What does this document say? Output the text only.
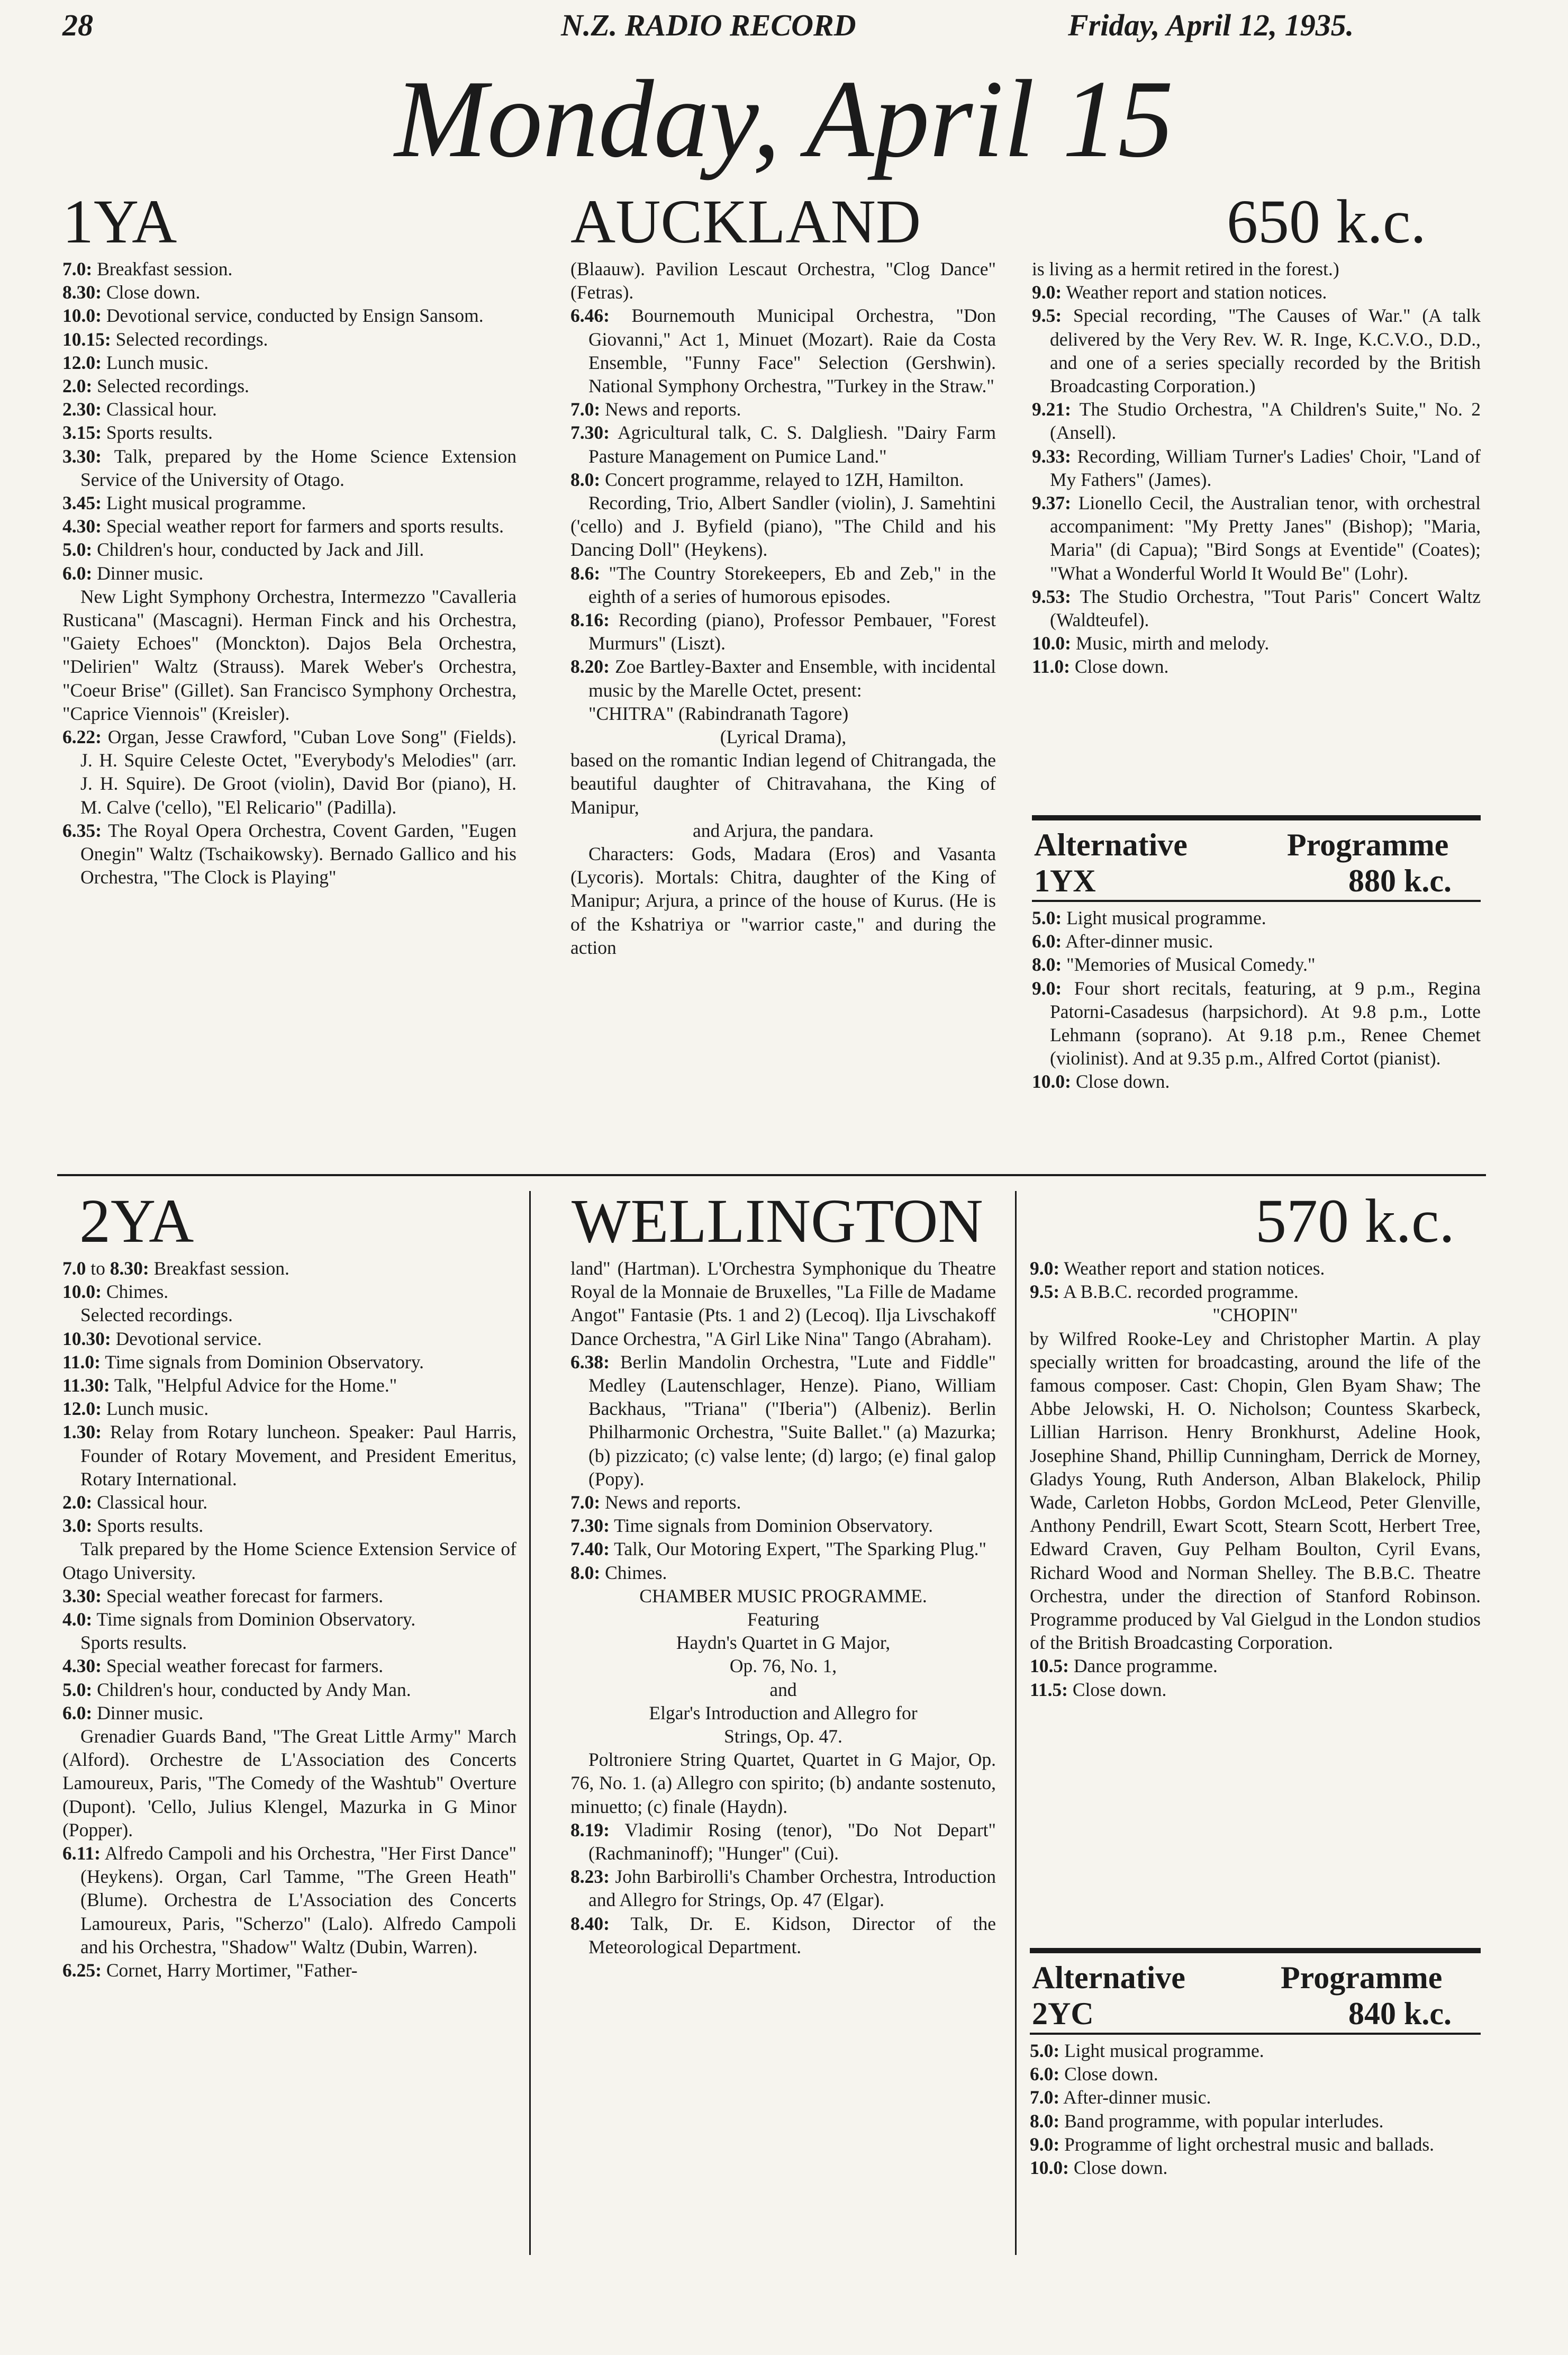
28	N.Z. RADIO RECORD	Friday, April 12, 1935.
Monday, April 15
1YA	AUCKLAND	650 k.c.

7.0: Breakfast session.

8.30: Close down.

10.0: Devotional service, conducted by Ensign Sansom.

10.15: Selected recordings.

12.0: Lunch music.

2.0: Selected recordings.

2.30: Classical hour.

3.15: Sports results.

3.30: Talk, prepared by the Home Science Extension Service of the University of Otago.

3.45: Light musical programme.

4.30: Special weather report for farmers and sports results.

5.0: Children's hour, conducted by Jack and Jill.

6.0: Dinner music.

New Light Symphony Orchestra, Intermezzo "Cavalleria Rusticana" (Mascagni). Herman Finck and his Orchestra, "Gaiety Echoes" (Monckton). Dajos Bela Orchestra, "Delirien" Waltz (Strauss). Marek Weber's Orchestra, "Coeur Brise" (Gillet). San Francisco Symphony Orchestra, "Caprice Viennois" (Kreisler).

6.22: Organ, Jesse Crawford, "Cuban Love Song" (Fields). J. H. Squire Celeste Octet, "Everybody's Melodies" (arr. J. H. Squire). De Groot (violin), David Bor (piano), H. M. Calve ('cello), "El Relicario" (Padilla).

6.35: The Royal Opera Orchestra, Covent Garden, "Eugen Onegin" Waltz (Tschaikowsky). Bernado Gallico and his Orchestra, "The Clock is Playing"

(Blaauw). Pavilion Lescaut Orchestra, "Clog Dance" (Fetras).

6.46: Bournemouth Municipal Orchestra, "Don Giovanni," Act 1, Minuet (Mozart). Raie da Costa Ensemble, "Funny Face" Selection (Gershwin). National Symphony Orchestra, "Turkey in the Straw."

7.0: News and reports.

7.30: Agricultural talk, C. S. Dalgliesh. "Dairy Farm Pasture Management on Pumice Land."

8.0: Concert programme, relayed to 1ZH, Hamilton.

Recording, Trio, Albert Sandler (violin), J. Samehtini ('cello) and J. Byfield (piano), "The Child and his Dancing Doll" (Heykens).

8.6: "The Country Storekeepers, Eb and Zeb," in the eighth of a series of humorous episodes.

8.16: Recording (piano), Professor Pembauer, "Forest Murmurs" (Liszt).

8.20: Zoe Bartley-Baxter and Ensemble, with incidental music by the Marelle Octet, present:

"CHITRA" (Rabindranath Tagore)

(Lyrical Drama),

based on the romantic Indian legend of Chitrangada, the beautiful daughter of Chitravahana, the King of Manipur,

and Arjura, the pandara.

Characters: Gods, Madara (Eros) and Vasanta (Lycoris). Mortals: Chitra, daughter of the King of Manipur; Arjura, a prince of the house of Kurus. (He is of the Kshatriya or "warrior caste," and during the action

is living as a hermit retired in the forest.)

9.0: Weather report and station notices.

9.5: Special recording, "The Causes of War." (A talk delivered by the Very Rev. W. R. Inge, K.C.V.O., D.D., and one of a series specially recorded by the British Broadcasting Corporation.)

9.21: The Studio Orchestra, "A Children's Suite," No. 2 (Ansell).

9.33: Recording, William Turner's Ladies' Choir, "Land of My Fathers" (James).

9.37: Lionello Cecil, the Australian tenor, with orchestral accompaniment: "My Pretty Janes" (Bishop); "Maria, Maria" (di Capua); "Bird Songs at Eventide" (Coates); "What a Wonderful World It Would Be" (Lohr).

9.53: The Studio Orchestra, "Tout Paris" Concert Waltz (Waldteufel).

10.0: Music, mirth and melody.

11.0: Close down.

Alternative	Programme
1YX	880 k.c.

5.0: Light musical programme.

6.0: After-dinner music.

8.0: "Memories of Musical Comedy."

9.0: Four short recitals, featuring, at 9 p.m., Regina Patorni-Casadesus (harpsichord). At 9.8 p.m., Lotte Lehmann (soprano). At 9.18 p.m., Renee Chemet (violinist). And at 9.35 p.m., Alfred Cortot (pianist).

10.0: Close down.

2YA	WELLINGTON	570 k.c.

7.0 to 8.30: Breakfast session.

10.0: Chimes.

Selected recordings.

10.30: Devotional service.

11.0: Time signals from Dominion Observatory.

11.30: Talk, "Helpful Advice for the Home."

12.0: Lunch music.

1.30: Relay from Rotary luncheon. Speaker: Paul Harris, Founder of Rotary Movement, and President Emeritus, Rotary International.

2.0: Classical hour.

3.0: Sports results.

Talk prepared by the Home Science Extension Service of Otago University.

3.30: Special weather forecast for farmers.

4.0: Time signals from Dominion Observatory.

Sports results.

4.30: Special weather forecast for farmers.

5.0: Children's hour, conducted by Andy Man.

6.0: Dinner music.

Grenadier Guards Band, "The Great Little Army" March (Alford). Orchestre de L'Association des Concerts Lamoureux, Paris, "The Comedy of the Washtub" Overture (Dupont). 'Cello, Julius Klengel, Mazurka in G Minor (Popper).

6.11: Alfredo Campoli and his Orchestra, "Her First Dance" (Heykens). Organ, Carl Tamme, "The Green Heath" (Blume). Orchestra de L'Association des Concerts Lamoureux, Paris, "Scherzo" (Lalo). Alfredo Campoli and his Orchestra, "Shadow" Waltz (Dubin, Warren).

6.25: Cornet, Harry Mortimer, "Father-

land" (Hartman). L'Orchestra Symphonique du Theatre Royal de la Monnaie de Bruxelles, "La Fille de Madame Angot" Fantasie (Pts. 1 and 2) (Lecoq). Ilja Livschakoff Dance Orchestra, "A Girl Like Nina" Tango (Abraham).

6.38: Berlin Mandolin Orchestra, "Lute and Fiddle" Medley (Lautenschlager, Henze). Piano, William Backhaus, "Triana" ("Iberia") (Albeniz). Berlin Philharmonic Orchestra, "Suite Ballet." (a) Mazurka; (b) pizzicato; (c) valse lente; (d) largo; (e) final galop (Popy).

7.0: News and reports.

7.30: Time signals from Dominion Observatory.

7.40: Talk, Our Motoring Expert, "The Sparking Plug."

8.0: Chimes.

CHAMBER MUSIC PROGRAMME.

Featuring

Haydn's Quartet in G Major,

Op. 76, No. 1,

and

Elgar's Introduction and Allegro for

Strings, Op. 47.

Poltroniere String Quartet, Quartet in G Major, Op. 76, No. 1. (a) Allegro con spirito; (b) andante sostenuto, minuetto; (c) finale (Haydn).

8.19: Vladimir Rosing (tenor), "Do Not Depart" (Rachmaninoff); "Hunger" (Cui).

8.23: John Barbirolli's Chamber Orchestra, Introduction and Allegro for Strings, Op. 47 (Elgar).

8.40: Talk, Dr. E. Kidson, Director of the Meteorological Department.

9.0: Weather report and station notices.

9.5: A B.B.C. recorded programme.

"CHOPIN"

by Wilfred Rooke-Ley and Christopher Martin. A play specially written for broadcasting, around the life of the famous composer. Cast: Chopin, Glen Byam Shaw; The Abbe Jelowski, H. O. Nicholson; Countess Skarbeck, Lillian Harrison. Henry Bronkhurst, Adeline Hook, Josephine Shand, Phillip Cunningham, Derrick de Morney, Gladys Young, Ruth Anderson, Alban Blakelock, Philip Wade, Carleton Hobbs, Gordon McLeod, Peter Glenville, Anthony Pendrill, Ewart Scott, Stearn Scott, Herbert Tree, Edward Craven, Guy Pelham Boulton, Cyril Evans, Richard Wood and Norman Shelley. The B.B.C. Theatre Orchestra, under the direction of Stanford Robinson. Programme produced by Val Gielgud in the London studios of the British Broadcasting Corporation.

10.5: Dance programme.

11.5: Close down.

Alternative	Programme
2YC	840 k.c.

5.0: Light musical programme.

6.0: Close down.

7.0: After-dinner music.

8.0: Band programme, with popular interludes.

9.0: Programme of light orchestral music and ballads.

10.0: Close down.
